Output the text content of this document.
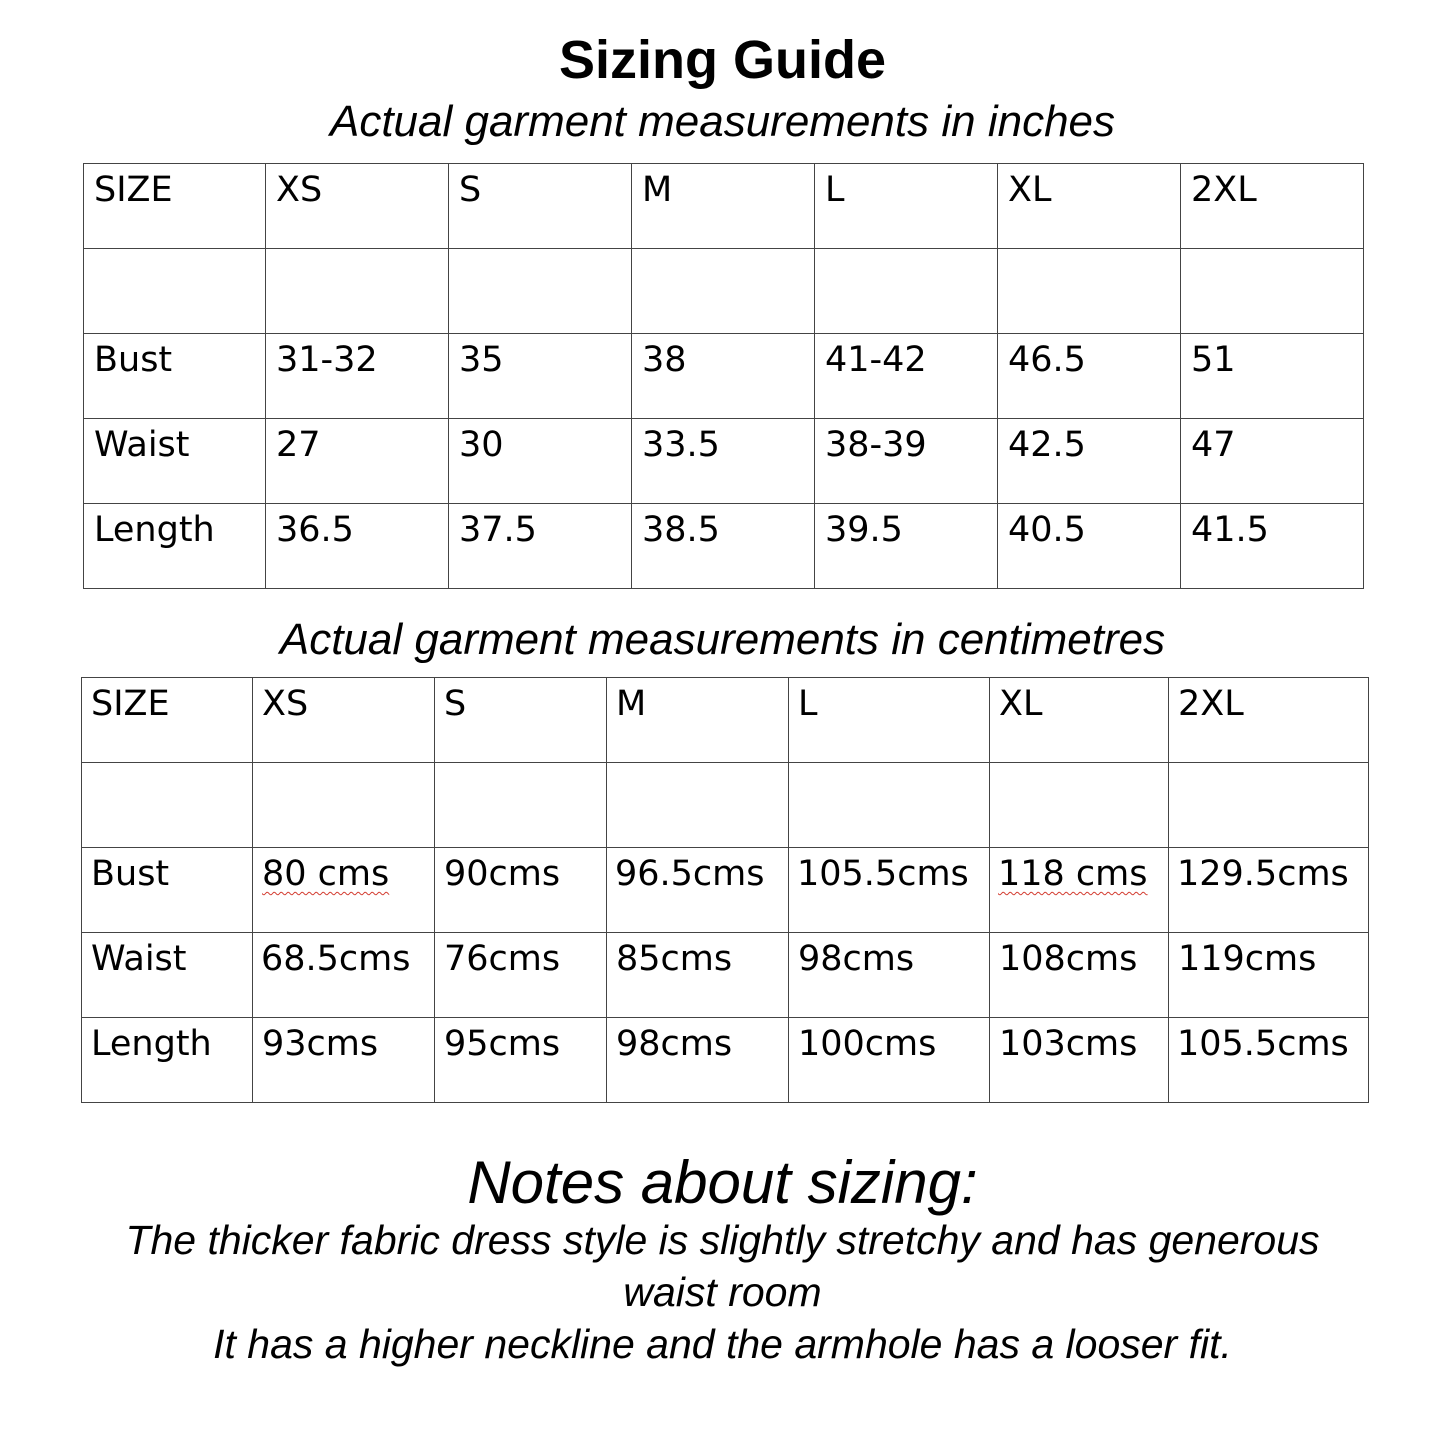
Sizing Guide
Actual garment measurements in inches
SIZE	XS	S	M	L	XL	2XL

Bust	31-32	35	38	41-42	46.5	51
Waist	27	30	33.5	38-39	42.5	47
Length	36.5	37.5	38.5	39.5	40.5	41.5
Actual garment measurements in centimetres
SIZE	XS	S	M	L	XL	2XL

Bust	80 cms	90cms	96.5cms	105.5cms	118 cms	129.5cms
Waist	68.5cms	76cms	85cms	98cms	108cms	119cms
Length	93cms	95cms	98cms	100cms	103cms	105.5cms
Notes about sizing:
The thicker fabric dress style is slightly stretchy and has generous
waist room
It has a higher neckline and the armhole has a looser fit.
